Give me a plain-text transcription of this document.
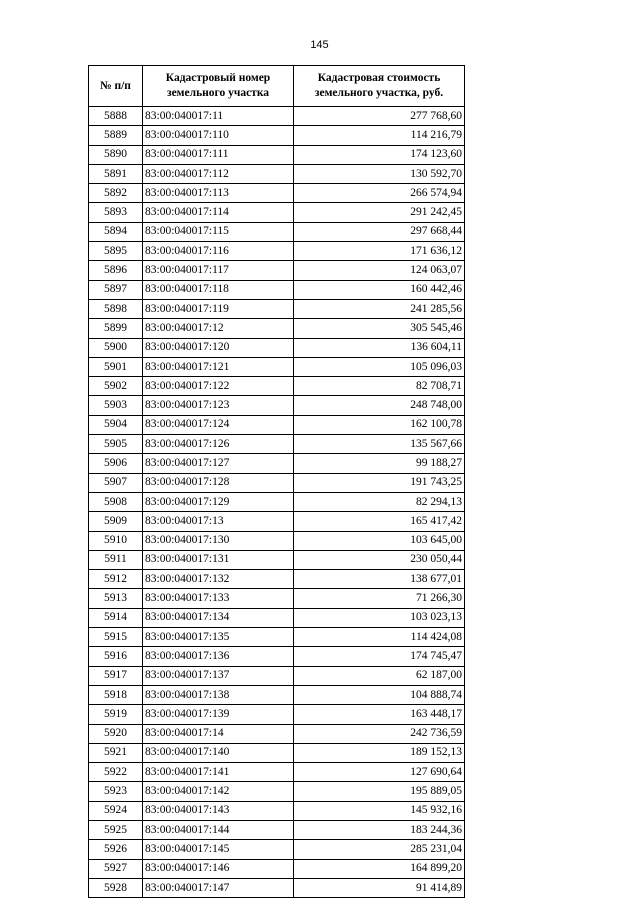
145
№ п/п	Кадастровый номер земельного участка	Кадастровая стоимость земельного участка, руб.
5888	83:00:040017:11	277 768,60
5889	83:00:040017:110	114 216,79
5890	83:00:040017:111	174 123,60
5891	83:00:040017:112	130 592,70
5892	83:00:040017:113	266 574,94
5893	83:00:040017:114	291 242,45
5894	83:00:040017:115	297 668,44
5895	83:00:040017:116	171 636,12
5896	83:00:040017:117	124 063,07
5897	83:00:040017:118	160 442,46
5898	83:00:040017:119	241 285,56
5899	83:00:040017:12	305 545,46
5900	83:00:040017:120	136 604,11
5901	83:00:040017:121	105 096,03
5902	83:00:040017:122	82 708,71
5903	83:00:040017:123	248 748,00
5904	83:00:040017:124	162 100,78
5905	83:00:040017:126	135 567,66
5906	83:00:040017:127	99 188,27
5907	83:00:040017:128	191 743,25
5908	83:00:040017:129	82 294,13
5909	83:00:040017:13	165 417,42
5910	83:00:040017:130	103 645,00
5911	83:00:040017:131	230 050,44
5912	83:00:040017:132	138 677,01
5913	83:00:040017:133	71 266,30
5914	83:00:040017:134	103 023,13
5915	83:00:040017:135	114 424,08
5916	83:00:040017:136	174 745,47
5917	83:00:040017:137	62 187,00
5918	83:00:040017:138	104 888,74
5919	83:00:040017:139	163 448,17
5920	83:00:040017:14	242 736,59
5921	83:00:040017:140	189 152,13
5922	83:00:040017:141	127 690,64
5923	83:00:040017:142	195 889,05
5924	83:00:040017:143	145 932,16
5925	83:00:040017:144	183 244,36
5926	83:00:040017:145	285 231,04
5927	83:00:040017:146	164 899,20
5928	83:00:040017:147	91 414,89
